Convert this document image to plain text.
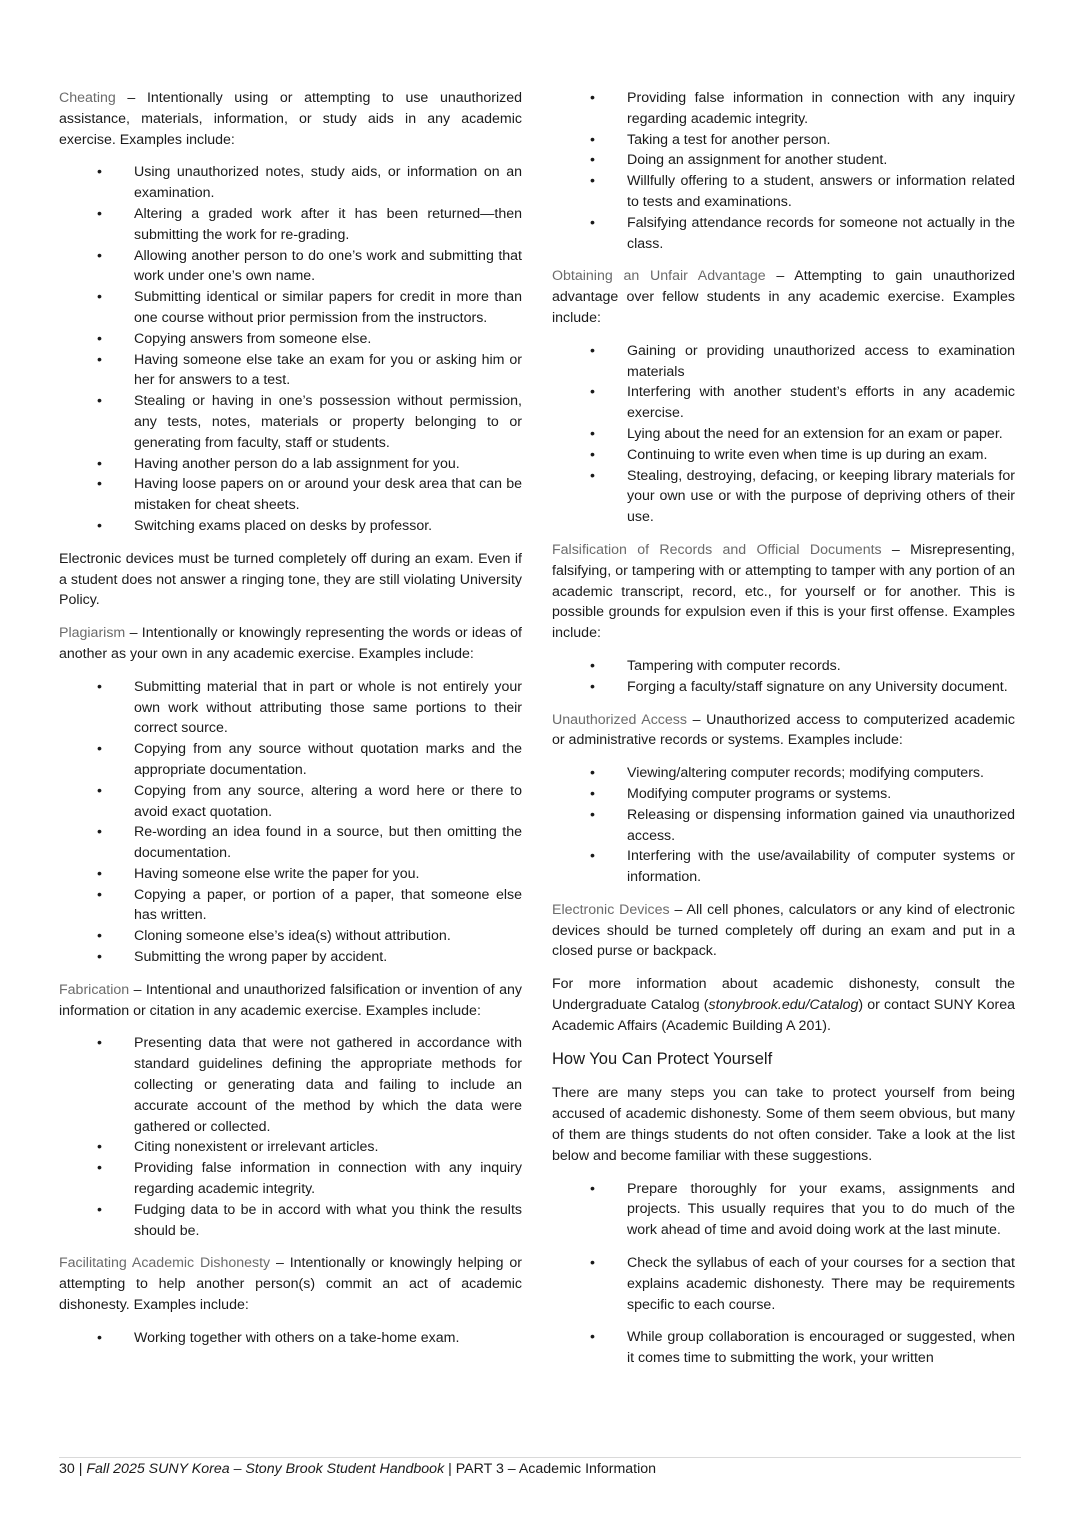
Cheating – Intentionally using or attempting to use unauthorized assistance, materials, information, or study aids in any academic exercise. Examples include:

• Using unauthorized notes, study aids, or information on an examination.
• Altering a graded work after it has been returned—then submitting the work for re-grading.
• Allowing another person to do one’s work and submitting that work under one’s own name.
• Submitting identical or similar papers for credit in more than one course without prior permission from the instructors.
• Copying answers from someone else.
• Having someone else take an exam for you or asking him or her for answers to a test.
• Stealing or having in one’s possession without permission, any tests, notes, materials or property belonging to or generating from faculty, staff or students.
• Having another person do a lab assignment for you.
• Having loose papers on or around your desk area that can be mistaken for cheat sheets.
• Switching exams placed on desks by professor.

Electronic devices must be turned completely off during an exam. Even if a student does not answer a ringing tone, they are still violating University Policy.

Plagiarism – Intentionally or knowingly representing the words or ideas of another as your own in any academic exercise. Examples include:

• Submitting material that in part or whole is not entirely your own work without attributing those same portions to their correct source.
• Copying from any source without quotation marks and the appropriate documentation.
• Copying from any source, altering a word here or there to avoid exact quotation.
• Re-wording an idea found in a source, but then omitting the documentation.
• Having someone else write the paper for you.
• Copying a paper, or portion of a paper, that someone else has written.
• Cloning someone else’s idea(s) without attribution.
• Submitting the wrong paper by accident.

Fabrication – Intentional and unauthorized falsification or invention of any information or citation in any academic exercise. Examples include:

• Presenting data that were not gathered in accordance with standard guidelines defining the appropriate methods for collecting or generating data and failing to include an accurate account of the method by which the data were gathered or collected.
• Citing nonexistent or irrelevant articles.
• Providing false information in connection with any inquiry regarding academic integrity.
• Fudging data to be in accord with what you think the results should be.

Facilitating Academic Dishonesty – Intentionally or knowingly helping or attempting to help another person(s) commit an act of academic dishonesty. Examples include:

• Working together with others on a take-home exam.
• Providing false information in connection with any inquiry regarding academic integrity.
• Taking a test for another person.
• Doing an assignment for another student.
• Willfully offering to a student, answers or information related to tests and examinations.
• Falsifying attendance records for someone not actually in the class.

Obtaining an Unfair Advantage – Attempting to gain unauthorized advantage over fellow students in any academic exercise. Examples include:

• Gaining or providing unauthorized access to examination materials
• Interfering with another student’s efforts in any academic exercise.
• Lying about the need for an extension for an exam or paper.
• Continuing to write even when time is up during an exam.
• Stealing, destroying, defacing, or keeping library materials for your own use or with the purpose of depriving others of their use.

Falsification of Records and Official Documents – Misrepresenting, falsifying, or tampering with or attempting to tamper with any portion of an academic transcript, record, etc., for yourself or for another. This is possible grounds for expulsion even if this is your first offense. Examples include:

• Tampering with computer records.
• Forging a faculty/staff signature on any University document.

Unauthorized Access – Unauthorized access to computerized academic or administrative records or systems. Examples include:

• Viewing/altering computer records; modifying computers.
• Modifying computer programs or systems.
• Releasing or dispensing information gained via unauthorized access.
• Interfering with the use/availability of computer systems or information.

Electronic Devices – All cell phones, calculators or any kind of electronic devices should be turned completely off during an exam and put in a closed purse or backpack.

For more information about academic dishonesty, consult the Undergraduate Catalog (stonybrook.edu/Catalog) or contact SUNY Korea Academic Affairs (Academic Building A 201).

How You Can Protect Yourself

There are many steps you can take to protect yourself from being accused of academic dishonesty. Some of them seem obvious, but many of them are things students do not often consider. Take a look at the list below and become familiar with these suggestions.

• Prepare thoroughly for your exams, assignments and projects. This usually requires that you to do much of the work ahead of time and avoid doing work at the last minute.
• Check the syllabus of each of your courses for a section that explains academic dishonesty. There may be requirements specific to each course.
• While group collaboration is encouraged or suggested, when it comes time to submitting the work, your written
30 | Fall 2025 SUNY Korea – Stony Brook Student Handbook | PART 3 – Academic Information
